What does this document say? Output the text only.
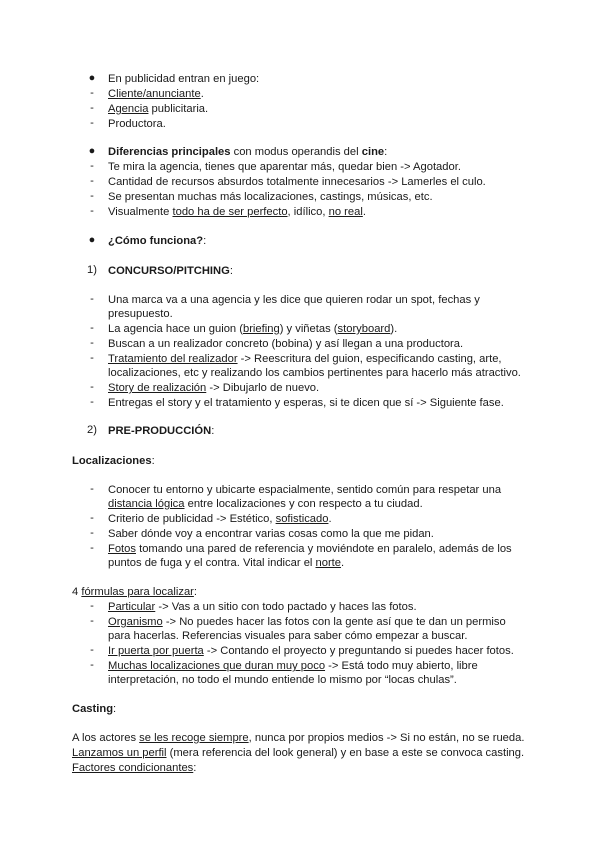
●	En publicidad entran en juego:
-	Cliente/anunciante.
-	Agencia publicitaria.
-	Productora.
●	Diferencias principales con modus operandis del cine:
-	Te mira la agencia, tienes que aparentar más, quedar bien -> Agotador.
-	Cantidad de recursos absurdos totalmente innecesarios -> Lamerles el culo.
-	Se presentan muchas más localizaciones, castings, músicas, etc.
-	Visualmente todo ha de ser perfecto, idílico, no real.
●	¿Cómo funciona?:
1) CONCURSO/PITCHING:
-	Una marca va a una agencia y les dice que quieren rodar un spot, fechas y
presupuesto.
-	La agencia hace un guion (briefing) y viñetas (storyboard).
-	Buscan a un realizador concreto (bobina) y así llegan a una productora.
-	Tratamiento del realizador -> Reescritura del guion, especificando casting, arte,
localizaciones, etc y realizando los cambios pertinentes para hacerlo más atractivo.
-	Story de realización -> Dibujarlo de nuevo.
-	Entregas el story y el tratamiento y esperas, si te dicen que sí -> Siguiente fase.
2) PRE-PRODUCCIÓN:
Localizaciones:
-	Conocer tu entorno y ubicarte espacialmente, sentido común para respetar una
distancia lógica entre localizaciones y con respecto a tu ciudad.
-	Criterio de publicidad -> Estético, sofisticado.
-	Saber dónde voy a encontrar varias cosas como la que me pidan.
-	Fotos tomando una pared de referencia y moviéndote en paralelo, además de los
puntos de fuga y el contra. Vital indicar el norte.
4 fórmulas para localizar:
-	Particular -> Vas a un sitio con todo pactado y haces las fotos.
-	Organismo -> No puedes hacer las fotos con la gente así que te dan un permiso
para hacerlas. Referencias visuales para saber cómo empezar a buscar.
-	Ir puerta por puerta -> Contando el proyecto y preguntando si puedes hacer fotos.
-	Muchas localizaciones que duran muy poco -> Está todo muy abierto, libre
interpretación, no todo el mundo entiende lo mismo por “locas chulas”.
Casting:
A los actores se les recoge siempre, nunca por propios medios -> Si no están, no se rueda.
Lanzamos un perfil (mera referencia del look general) y en base a este se convoca casting.
Factores condicionantes:
